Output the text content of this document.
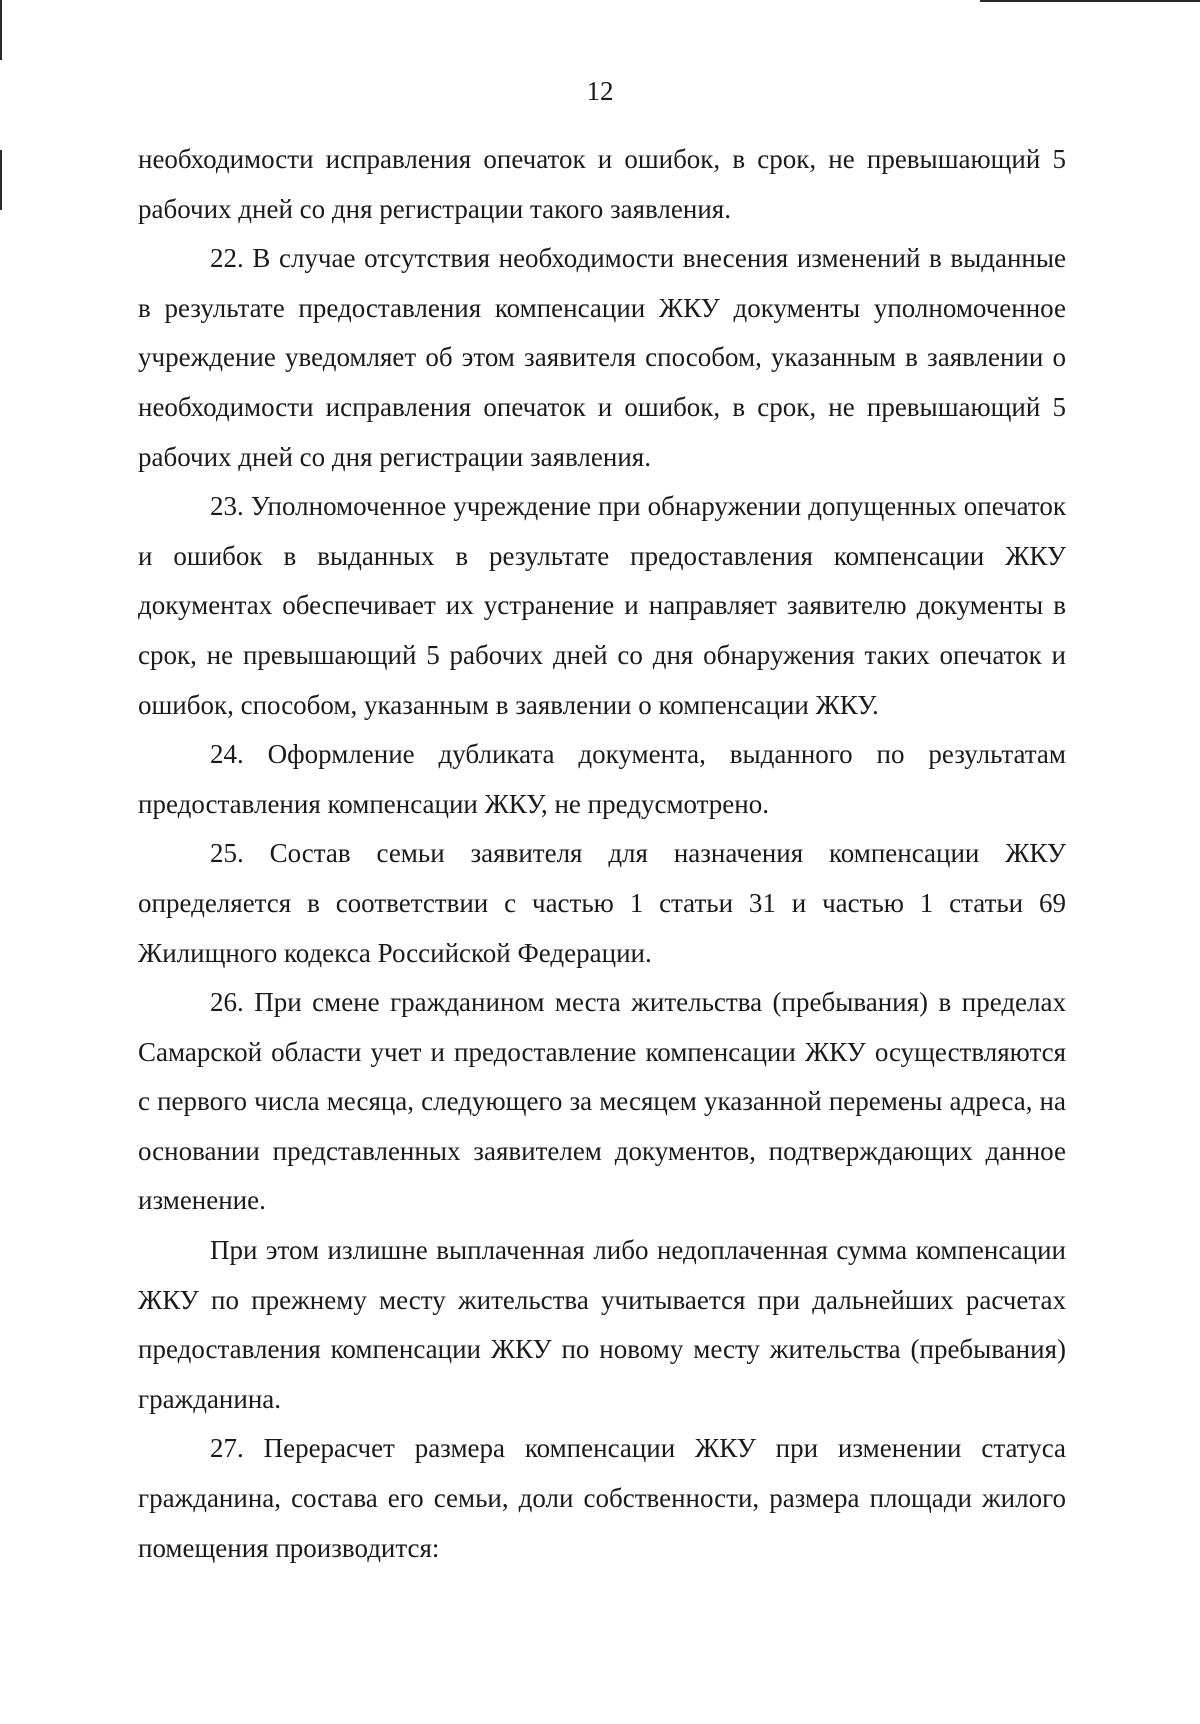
12

необходимости исправления опечаток и ошибок, в срок, не превышающий 5 рабочих дней со дня регистрации такого заявления.

22. В случае отсутствия необходимости внесения изменений в выданные в результате предоставления компенсации ЖКУ документы уполномоченное учреждение уведомляет об этом заявителя способом, указанным в заявлении о необходимости исправления опечаток и ошибок, в срок, не превышающий 5 рабочих дней со дня регистрации заявления.

23. Уполномоченное учреждение при обнаружении допущенных опечаток и ошибок в выданных в результате предоставления компенсации ЖКУ документах обеспечивает их устранение и направляет заявителю документы в срок, не превышающий 5 рабочих дней со дня обнаружения таких опечаток и ошибок, способом, указанным в заявлении о компенсации ЖКУ.

24. Оформление дубликата документа, выданного по результатам предоставления компенсации ЖКУ, не предусмотрено.

25. Состав семьи заявителя для назначения компенсации ЖКУ определяется в соответствии с частью 1 статьи 31 и частью 1 статьи 69 Жилищного кодекса Российской Федерации.

26. При смене гражданином места жительства (пребывания) в пределах Самарской области учет и предоставление компенсации ЖКУ осуществляются с первого числа месяца, следующего за месяцем указанной перемены адреса, на основании представленных заявителем документов, подтверждающих данное изменение.

При этом излишне выплаченная либо недоплаченная сумма компенсации ЖКУ по прежнему месту жительства учитывается при дальнейших расчетах предоставления компенсации ЖКУ по новому месту жительства (пребывания) гражданина.

27. Перерасчет размера компенсации ЖКУ при изменении статуса гражданина, состава его семьи, доли собственности, размера площади жилого помещения производится:
